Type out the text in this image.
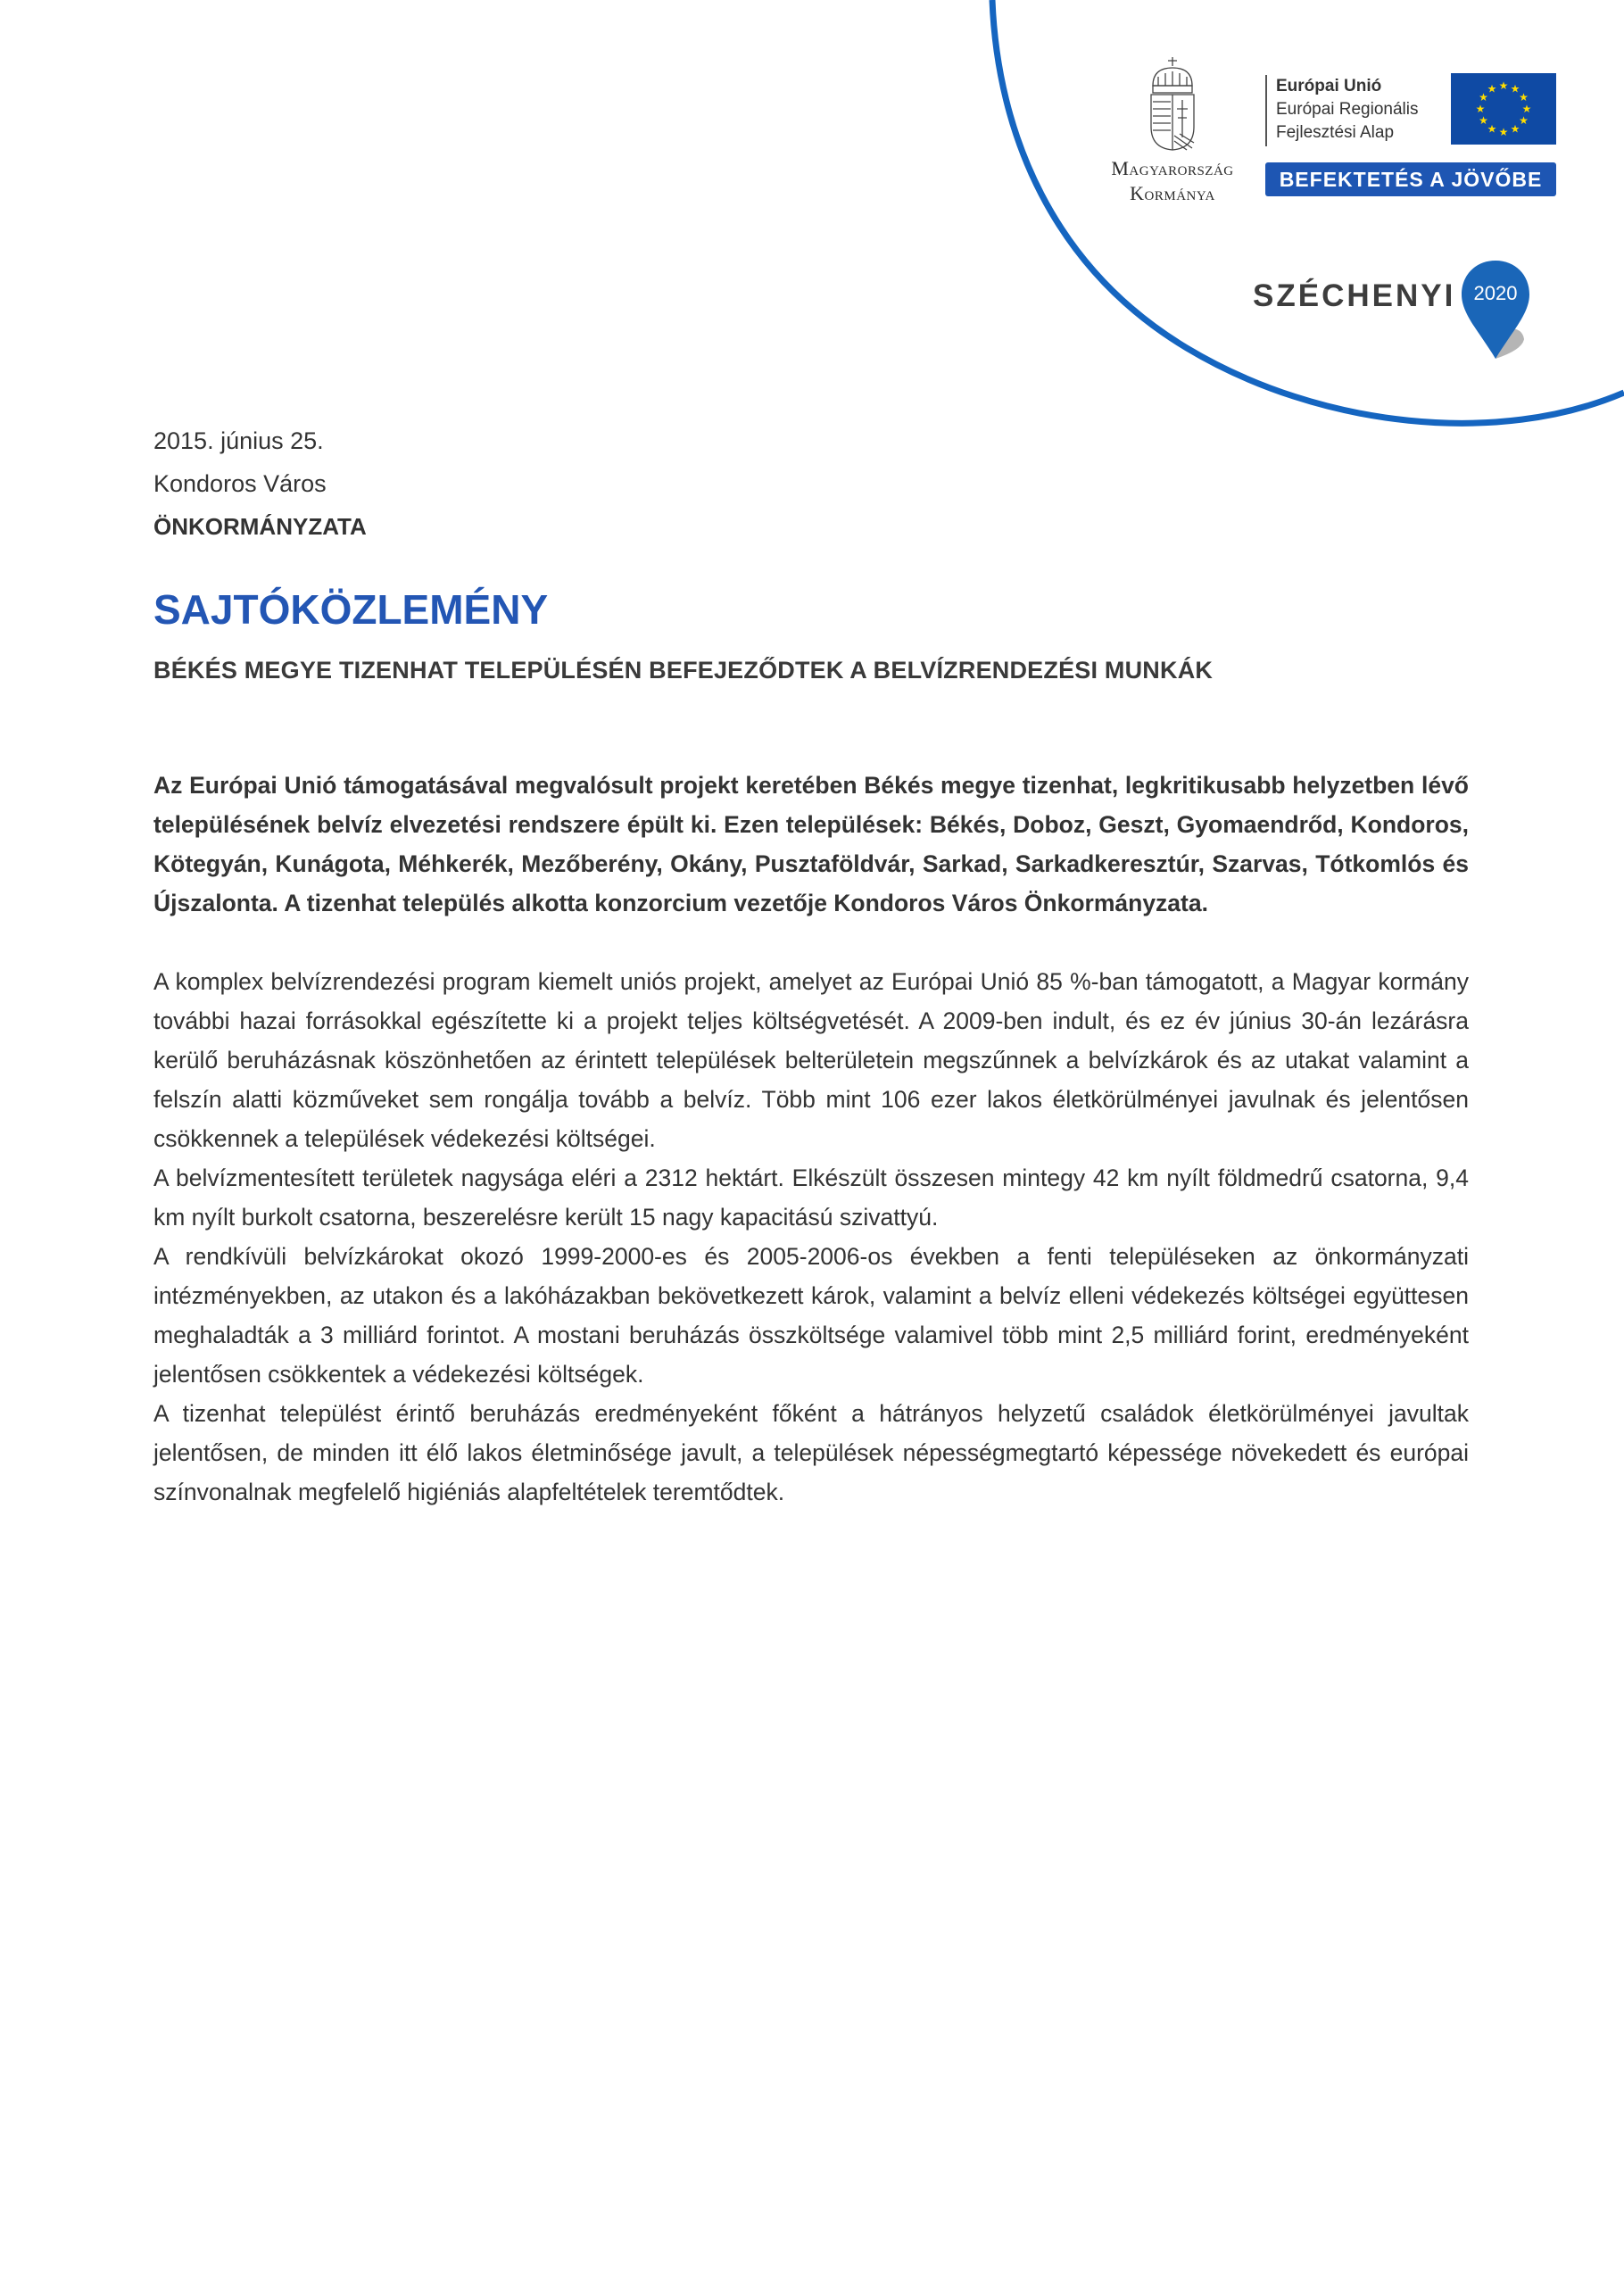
Magyarország
Kormánya
Európai Unió
Európai Regionális
Fejlesztési Alap
★ ★
★
★
★
★
★
★
★
★
★
★
BEFEKTETÉS A JÖVŐBE
SZÉCHENYI 2020
2015. június 25.
Kondoros Város
ÖNKORMÁNYZATA
SAJTÓKÖZLEMÉNY
BÉKÉS MEGYE TIZENHAT TELEPÜLÉSÉN BEFEJEZŐDTEK A BELVÍZRENDEZÉSI MUNKÁK

Az Európai Unió támogatásával megvalósult projekt keretében Békés megye tizenhat, legkritikusabb helyzetben lévő településének belvíz elvezetési rendszere épült ki. Ezen települések: Békés, Doboz, Geszt, Gyomaendrőd, Kondoros, Kötegyán, Kunágota, Méhkerék, Mezőberény, Okány, Pusztaföldvár, Sarkad, Sarkadkeresztúr, Szarvas, Tótkomlós és Újszalonta. A tizenhat település alkotta konzorcium vezetője Kondoros Város Önkormányzata.

A komplex belvízrendezési program kiemelt uniós projekt, amelyet az Európai Unió 85 %-ban támogatott, a Magyar kormány további hazai forrásokkal egészítette ki a projekt teljes költségvetését. A 2009-ben indult, és ez év június 30-án lezárásra kerülő beruházásnak köszönhetően az érintett települések belterületein megszűnnek a belvízkárok és az utakat valamint a felszín alatti közműveket sem rongálja tovább a belvíz. Több mint 106 ezer lakos életkörülményei javulnak és jelentősen csökkennek a települések védekezési költségei.

A belvízmentesített területek nagysága eléri a 2312 hektárt. Elkészült összesen mintegy 42 km nyílt földmedrű csatorna, 9,4 km nyílt burkolt csatorna, beszerelésre került 15 nagy kapacitású szivattyú.

A rendkívüli belvízkárokat okozó 1999-2000-es és 2005-2006-os években a fenti településeken az önkormányzati intézményekben, az utakon és a lakóházakban bekövetkezett károk, valamint a belvíz elleni védekezés költségei együttesen meghaladták a 3 milliárd forintot. A mostani beruházás összköltsége valamivel több mint 2,5 milliárd forint, eredményeként jelentősen csökkentek a védekezési költségek.

A tizenhat települést érintő beruházás eredményeként főként a hátrányos helyzetű családok életkörülményei javultak jelentősen, de minden itt élő lakos életminősége javult, a települések népességmegtartó képessége növekedett és európai színvonalnak megfelelő higiéniás alapfeltételek teremtődtek.
